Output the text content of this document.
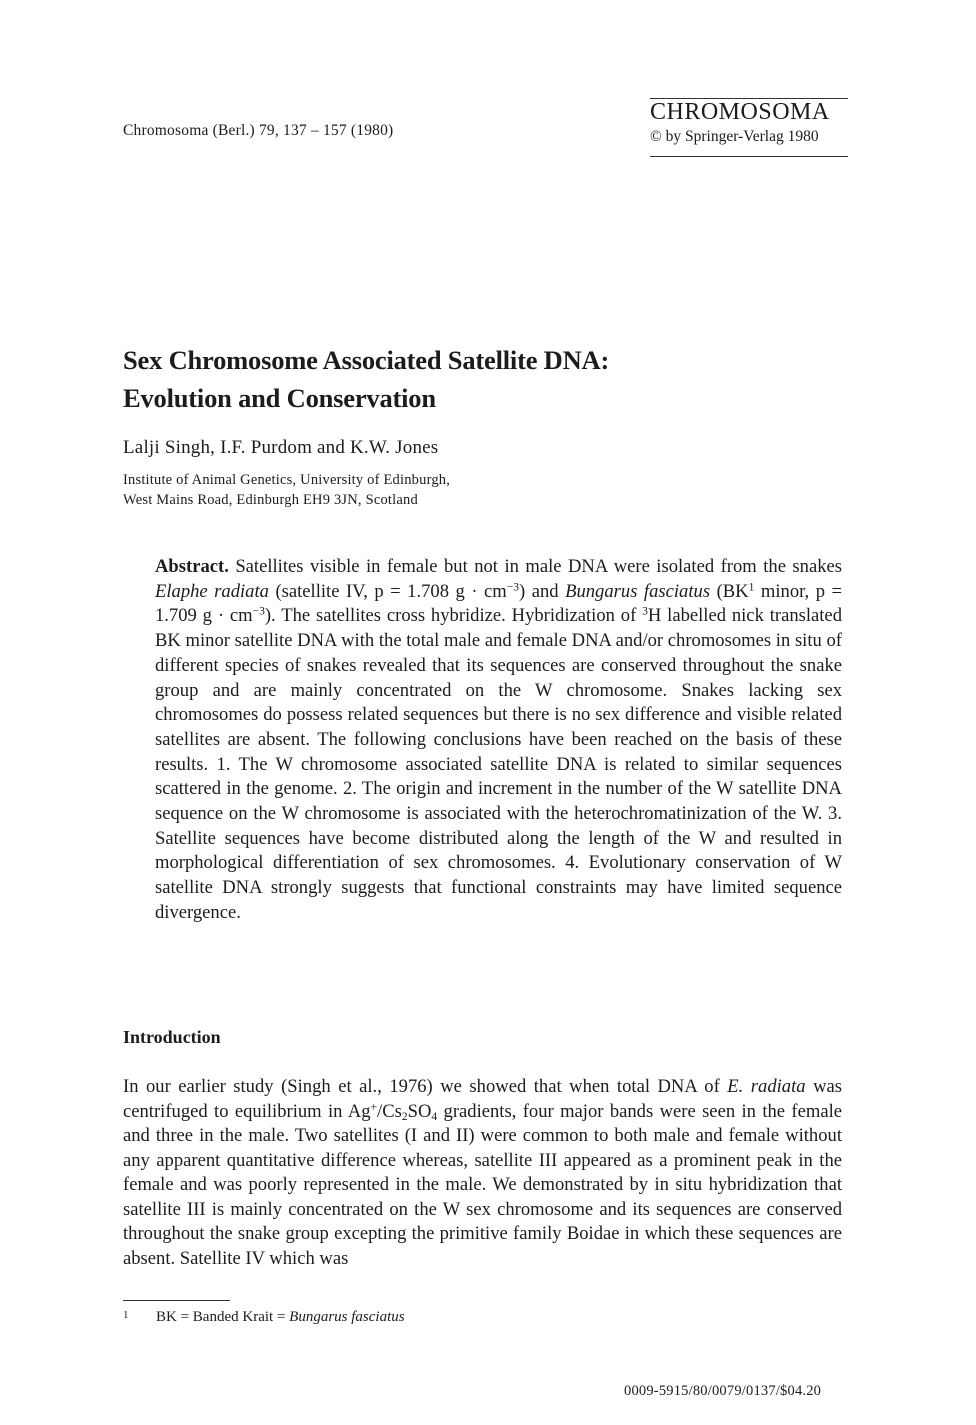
Chromosoma (Berl.) 79, 137 – 157 (1980)
CHROMOSOMA
© by Springer-Verlag 1980
Sex Chromosome Associated Satellite DNA:
Evolution and Conservation
Lalji Singh, I.F. Purdom and K.W. Jones
Institute of Animal Genetics, University of Edinburgh,
West Mains Road, Edinburgh EH9 3JN, Scotland
Abstract. Satellites visible in female but not in male DNA were isolated from the snakes Elaphe radiata (satellite IV, p = 1.708 $g \cdot cm^{-3}$) and Bungarus fasciatus ($BK^1$ minor, p = 1.709 $g \cdot cm^{-3}$). The satellites cross hybridize. Hybridization of $^3$H labelled nick translated BK minor satellite DNA with the total male and female DNA and/or chromosomes in situ of different species of snakes revealed that its sequences are conserved throughout the snake group and are mainly concentrated on the W chromosome. Snakes lacking sex chromosomes do possess related sequences but there is no sex difference and visible related satellites are absent. The following conclusions have been reached on the basis of these results. 1. The W chromosome associated satellite DNA is related to similar sequences scattered in the genome. 2. The origin and increment in the number of the W satellite DNA sequence on the W chromosome is associated with the heterochromatinization of the W. 3. Satellite sequences have become distributed along the length of the W and resulted in morphological differentiation of sex chromosomes. 4. Evolutionary conservation of W satellite DNA strongly suggests that functional constraints may have limited sequence divergence.
Introduction
In our earlier study (Singh et al., 1976) we showed that when total DNA of E. radiata was centrifuged to equilibrium in $Ag^+/Cs_2SO_4$ gradients, four major bands were seen in the female and three in the male. Two satellites (I and II) were common to both male and female without any apparent quantitative difference whereas, satellite III appeared as a prominent peak in the female and was poorly represented in the male. We demonstrated by in situ hybridization that satellite III is mainly concentrated on the W sex chromosome and its sequences are conserved throughout the snake group excepting the primitive family Boidae in which these sequences are absent. Satellite IV which was
1 BK = Banded Krait = Bungarus fasciatus
0009-5915/80/0079/0137/$04.20
